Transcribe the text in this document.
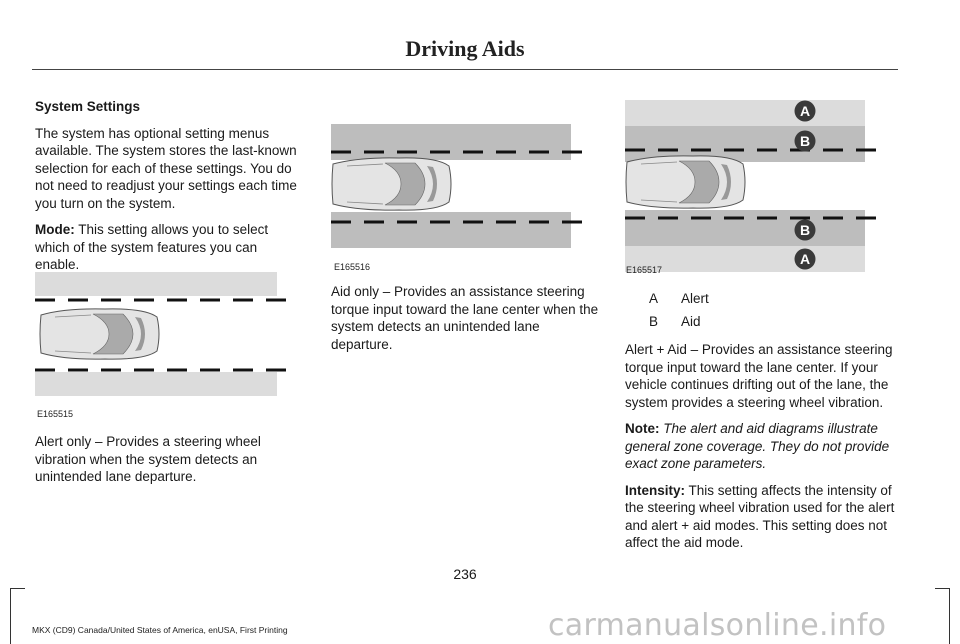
Driving Aids

System Settings

The system has optional setting menus available. The system stores the last-known selection for each of these settings. You do not need to readjust your settings each time you turn on the system.

Mode: This setting allows you to select which of the system features you can enable.

E165515
Alert only – Provides a steering wheel vibration when the system detects an unintended lane departure.
E165516
Aid only – Provides an assistance steering torque input toward the lane center when the system detects an unintended lane departure.
A
B
B
A
E165517
A Alert
B Aid

Alert + Aid – Provides an assistance steering torque input toward the lane center. If your vehicle continues drifting out of the lane, the system provides a steering wheel vibration.

Note: The alert and aid diagrams illustrate general zone coverage. They do not provide exact zone parameters.

Intensity: This setting affects the intensity of the steering wheel vibration used for the alert and alert + aid modes. This setting does not affect the aid mode.

236
MKX (CD9) Canada/United States of America, enUSA, First Printing	carmanualsonline.info
